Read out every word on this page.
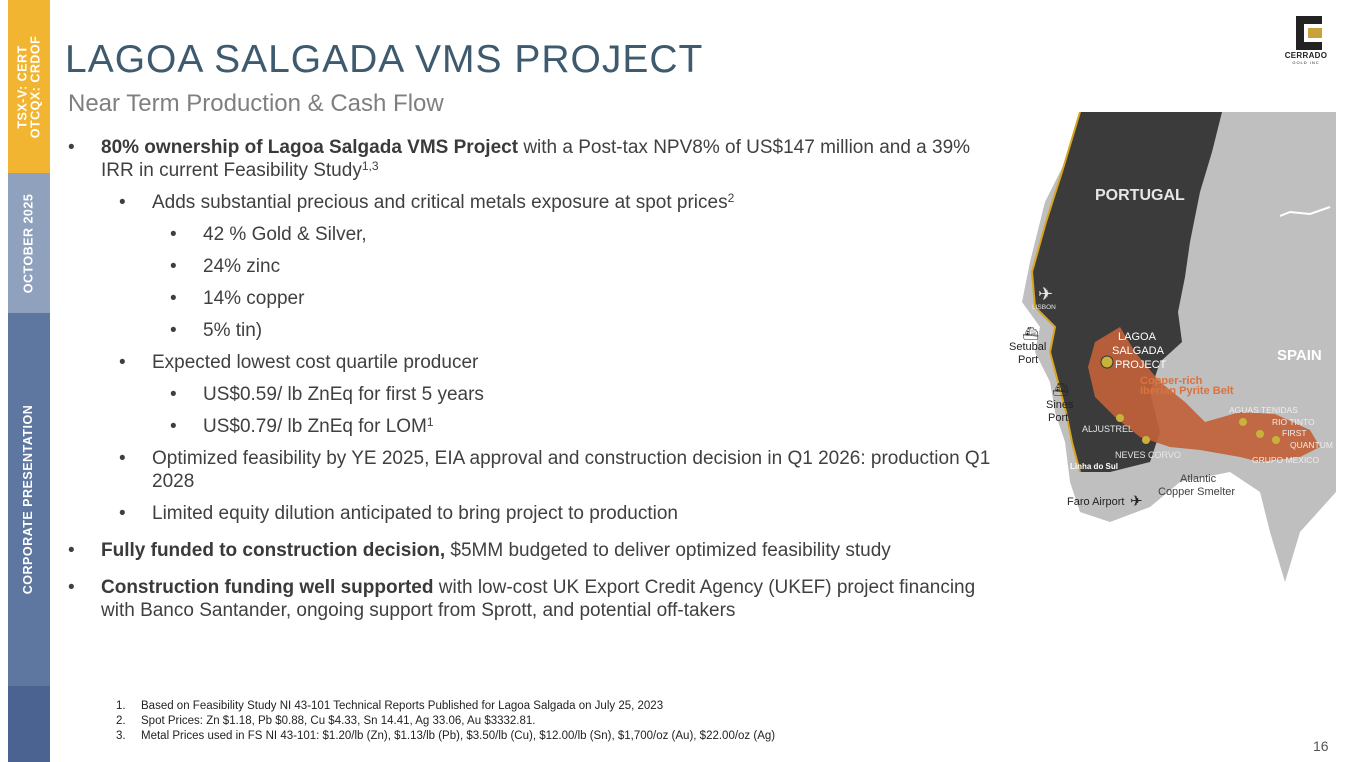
TSX-V: CERT OTCQX: CRDOF
OCTOBER 2025
CORPORATE PRESENTATION
LAGOA SALGADA VMS PROJECT
Near Term Production & Cash Flow
CERRADO
GOLD INC
• 80% ownership of Lagoa Salgada VMS Project with a Post-tax NPV8% of US$147 million and a 39% IRR in current Feasibility Study$^{1,3}$
• Adds substantial precious and critical metals exposure at spot prices$^2$
• 42 % Gold & Silver,
• 24% zinc
• 14% copper
• 5% tin)
• Expected lowest cost quartile producer
• US$0.59/ lb ZnEq for first 5 years
• US$0.79/ lb ZnEq for LOM$^1$
• Optimized feasibility by YE 2025, EIA approval and construction decision in Q1 2026: production Q1 2028
• Limited equity dilution anticipated to bring project to production
• Fully funded to construction decision, $5MM budgeted to deliver optimized feasibility study
• Construction funding well supported with low-cost UK Export Credit Agency (UKEF) project financing with Banco Santander, ongoing support from Sprott, and potential off-takers
PORTUGAL
SPAIN
✈
LISBON
LAGOA
SALGADA
PROJECT
Copper-rich
Iberian Pyrite Belt
⛴
Setubal
Port
⛴
Sines
Port
ALJUSTREL
NEVES CORVO
Linha do Sul
Faro Airport ✈
Atlantic
Copper Smelter
AGUAS TENIDAS
RIO TINTO
FIRST
QUANTUM
GRUPO MEXICO
1. Based on Feasibility Study NI 43-101 Technical Reports Published for Lagoa Salgada on July 25, 2023
2. Spot Prices: Zn $1.18, Pb $0.88, Cu $4.33, Sn 14.41, Ag 33.06, Au $3332.81.
3. Metal Prices used in FS NI 43-101: $1.20/lb (Zn), $1.13/lb (Pb), $3.50/lb (Cu), $12.00/lb (Sn), $1,700/oz (Au), $22.00/oz (Ag)
16
